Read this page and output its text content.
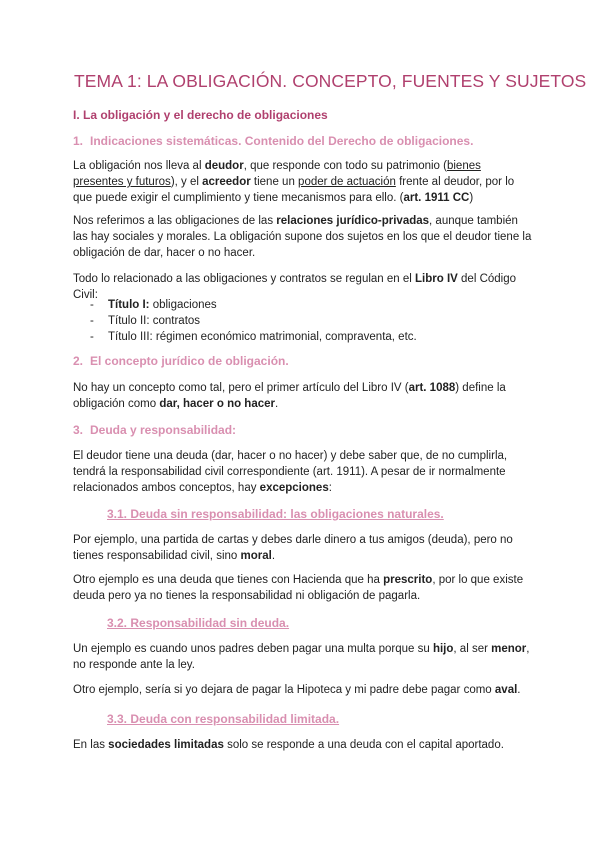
TEMA 1: LA OBLIGACIÓN. CONCEPTO, FUENTES Y SUJETOS
I. La obligación y el derecho de obligaciones
1. Indicaciones sistemáticas. Contenido del Derecho de obligaciones.

La obligación nos lleva al deudor, que responde con todo su patrimonio (bienes presentes y futuros), y el acreedor tiene un poder de actuación frente al deudor, por lo que puede exigir el cumplimiento y tiene mecanismos para ello. (art. 1911 CC)

Nos referimos a las obligaciones de las relaciones jurídico-privadas, aunque también las hay sociales y morales. La obligación supone dos sujetos en los que el deudor tiene la obligación de dar, hacer o no hacer.

Todo lo relacionado a las obligaciones y contratos se regulan en el Libro IV del Código Civil:

- Título I: obligaciones
- Título II: contratos
- Título III: régimen económico matrimonial, compraventa, etc.
2. El concepto jurídico de obligación.

No hay un concepto como tal, pero el primer artículo del Libro IV (art. 1088) define la obligación como dar, hacer o no hacer.

3. Deuda y responsabilidad:

El deudor tiene una deuda (dar, hacer o no hacer) y debe saber que, de no cumplirla, tendrá la responsabilidad civil correspondiente (art. 1911). A pesar de ir normalmente relacionados ambos conceptos, hay excepciones:

3.1. Deuda sin responsabilidad: las obligaciones naturales.

Por ejemplo, una partida de cartas y debes darle dinero a tus amigos (deuda), pero no tienes responsabilidad civil, sino moral.

Otro ejemplo es una deuda que tienes con Hacienda que ha prescrito, por lo que existe deuda pero ya no tienes la responsabilidad ni obligación de pagarla.

3.2. Responsabilidad sin deuda.

Un ejemplo es cuando unos padres deben pagar una multa porque su hijo, al ser menor, no responde ante la ley.

Otro ejemplo, sería si yo dejara de pagar la Hipoteca y mi padre debe pagar como aval.

3.3. Deuda con responsabilidad limitada.

En las sociedades limitadas solo se responde a una deuda con el capital aportado.
